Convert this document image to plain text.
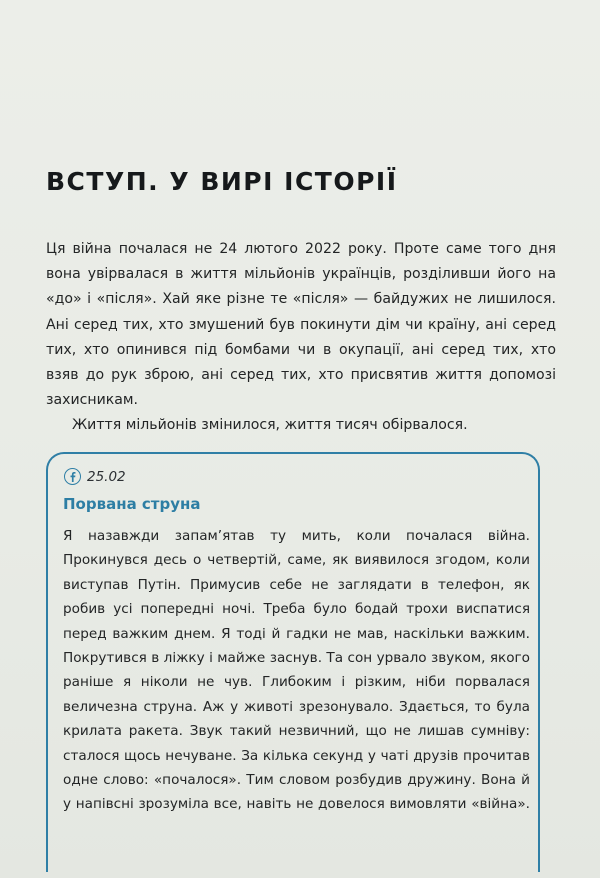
ВСТУП. У ВИРІ ІСТОРІЇ

Ця війна почалася не 24 лютого 2022 року. Проте саме того дня вона увірвалася в життя мільйонів українців, розділивши його на «до» і «після». Хай яке різне те «після» — байдужих не лишилося. Ані серед тих, хто змушений був покинути дім чи країну, ані серед тих, хто опинився під бомбами чи в окупації, ані серед тих, хто взяв до рук зброю, ані серед тих, хто присвятив життя допомозі захисникам.

Життя мільйонів змінилося, життя тисяч обірвалося.

25.02
Порвана струна

Я назавжди запам’ятав ту мить, коли почалася війна. Прокинувся десь о четвертій, саме, як виявилося згодом, коли виступав Путін. Примусив себе не заглядати в телефон, як робив усі попередні ночі. Треба було бодай трохи виспатися перед важким днем. Я тоді й гадки не мав, наскільки важким. Покрутився в ліжку і майже заснув. Та сон урвало звуком, якого раніше я ніколи не чув. Глибоким і різким, ніби порвалася величезна струна. Аж у животі зрезонувало. Здається, то була крилата ракета. Звук такий незвичний, що не лишав сумніву: сталося щось нечуване. За кілька секунд у чаті друзів прочитав одне слово: «почалося». Тим словом розбудив дружину. Вона й у напівсні зрозуміла все, навіть не довелося вимовляти «війна».
